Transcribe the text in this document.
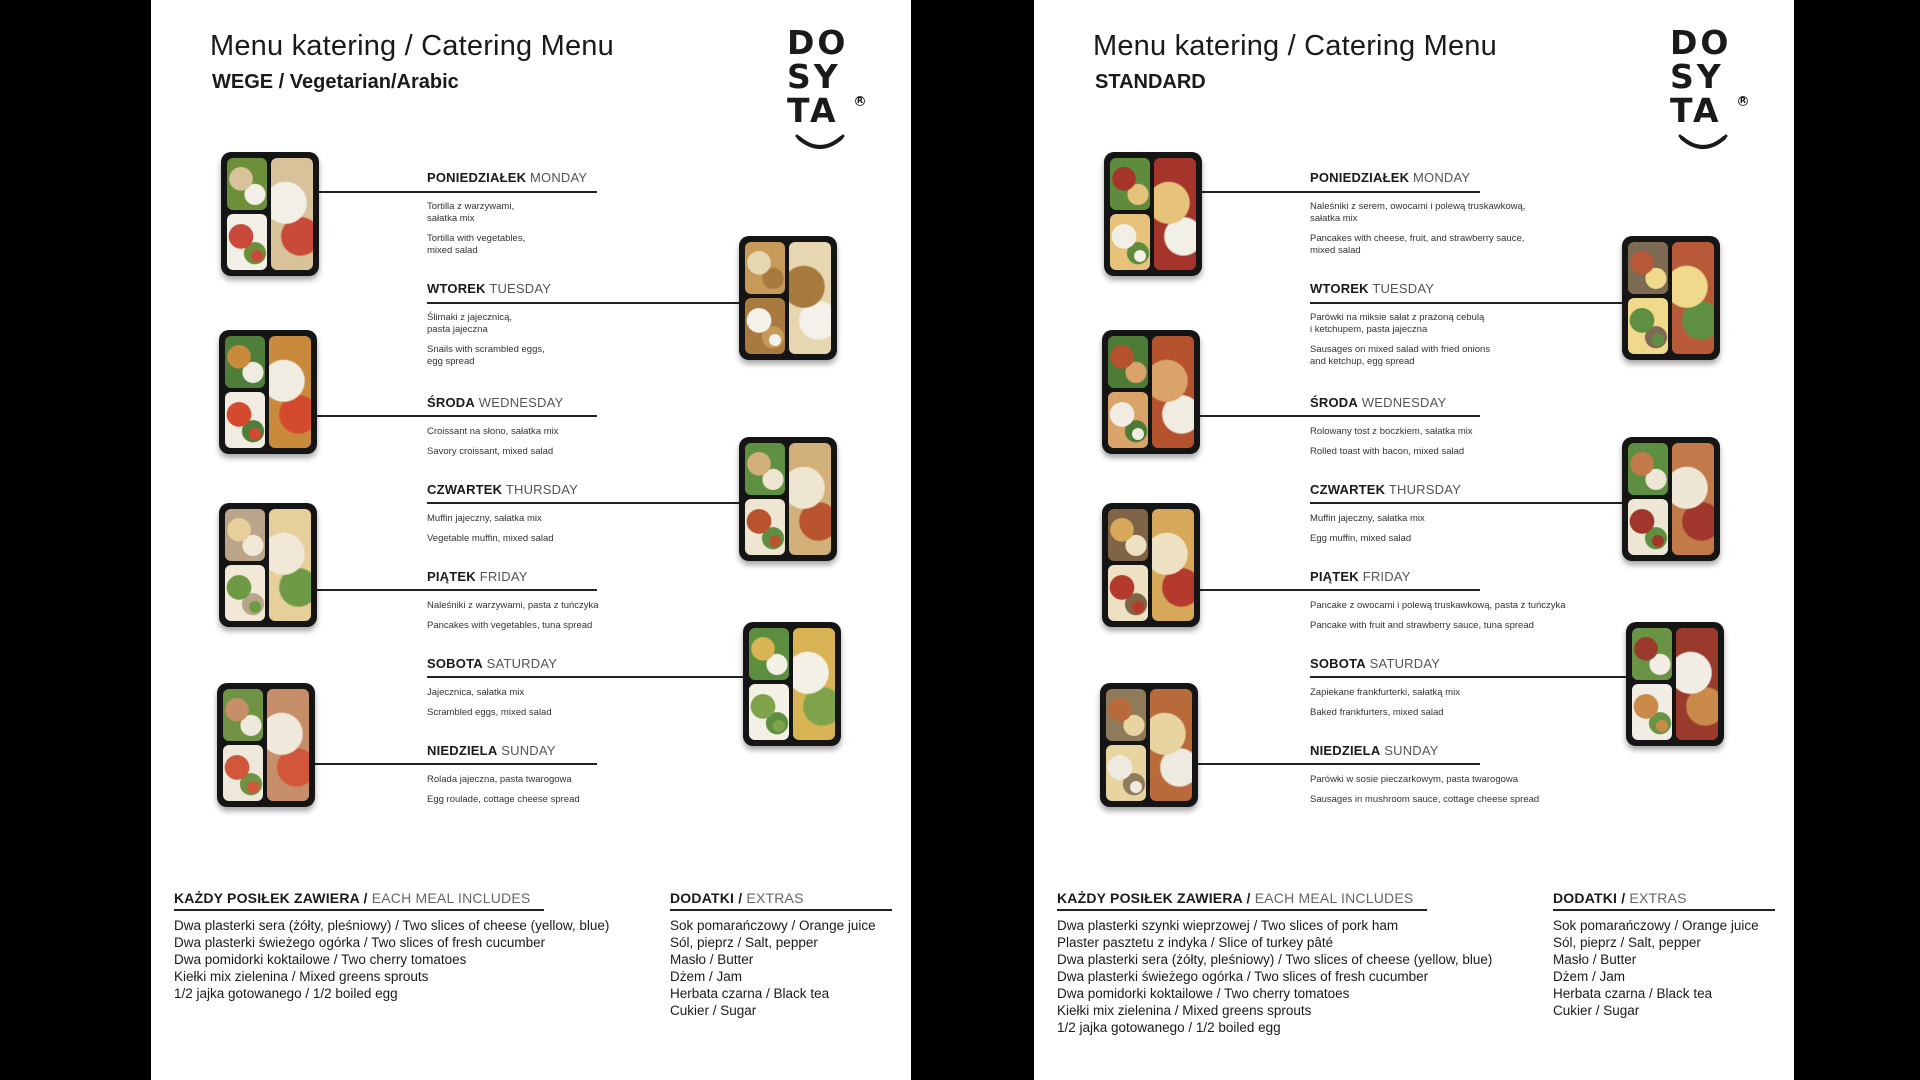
Menu katering / Catering Menu
WEGE / Vegetarian/Arabic
DO
SY
TA	R
PONIEDZIAŁEK MONDAY
Tortilla z warzywami,
sałatka mix
Tortilla with vegetables,
mixed salad
WTOREK TUESDAY
Ślimaki z jajecznicą,
pasta jajeczna
Snails with scrambled eggs,
egg spread
ŚRODA WEDNESDAY
Croissant na słono, sałatka mix
Savory croissant, mixed salad
CZWARTEK THURSDAY
Muffin jajeczny, sałatka mix
Vegetable muffin, mixed salad
PIĄTEK FRIDAY
Naleśniki z warzywami, pasta z tuńczyka
Pancakes with vegetables, tuna spread
SOBOTA SATURDAY
Jajecznica, sałatka mix
Scrambled eggs, mixed salad
NIEDZIELA SUNDAY
Rolada jajeczna, pasta twarogowa
Egg roulade, cottage cheese spread
KAŻDY POSIŁEK ZAWIERA / EACH MEAL INCLUDES
Dwa plasterki sera (żółty, pleśniowy) / Two slices of cheese (yellow, blue)
Dwa plasterki świeżego ogórka / Two slices of fresh cucumber
Dwa pomidorki koktailowe / Two cherry tomatoes
Kiełki mix zielenina / Mixed greens sprouts
1/2 jajka gotowanego / 1/2 boiled egg
DODATKI / EXTRAS
Sok pomarańczowy / Orange juice
Sól, pieprz / Salt, pepper
Masło / Butter
Dżem / Jam
Herbata czarna / Black tea
Cukier / Sugar
Menu katering / Catering Menu
STANDARD
DO
SY
TA	R
PONIEDZIAŁEK MONDAY
Naleśniki z serem, owocami i polewą truskawkową,
sałatka mix
Pancakes with cheese, fruit, and strawberry sauce,
mixed salad
WTOREK TUESDAY
Parówki na miksie sałat z prażoną cebulą
i ketchupem, pasta jajeczna
Sausages on mixed salad with fried onions
and ketchup, egg spread
ŚRODA WEDNESDAY
Rolowany tost z boczkiem, sałatka mix
Rolled toast with bacon, mixed salad
CZWARTEK THURSDAY
Muffin jajeczny, sałatka mix
Egg muffin, mixed salad
PIĄTEK FRIDAY
Pancake z owocami i polewą truskawkową, pasta z tuńczyka
Pancake with fruit and strawberry sauce, tuna spread
SOBOTA SATURDAY
Zapiekane frankfurterki, sałatką mix
Baked frankfurters, mixed salad
NIEDZIELA SUNDAY
Parówki w sosie pieczarkowym, pasta twarogowa
Sausages in mushroom sauce, cottage cheese spread
KAŻDY POSIŁEK ZAWIERA / EACH MEAL INCLUDES
Dwa plasterki szynki wieprzowej / Two slices of pork ham
Plaster pasztetu z indyka / Slice of turkey pâté
Dwa plasterki sera (żółty, pleśniowy) / Two slices of cheese (yellow, blue)
Dwa plasterki świeżego ogórka / Two slices of fresh cucumber
Dwa pomidorki koktailowe / Two cherry tomatoes
Kiełki mix zielenina / Mixed greens sprouts
1/2 jajka gotowanego / 1/2 boiled egg
DODATKI / EXTRAS
Sok pomarańczowy / Orange juice
Sól, pieprz / Salt, pepper
Masło / Butter
Dżem / Jam
Herbata czarna / Black tea
Cukier / Sugar
